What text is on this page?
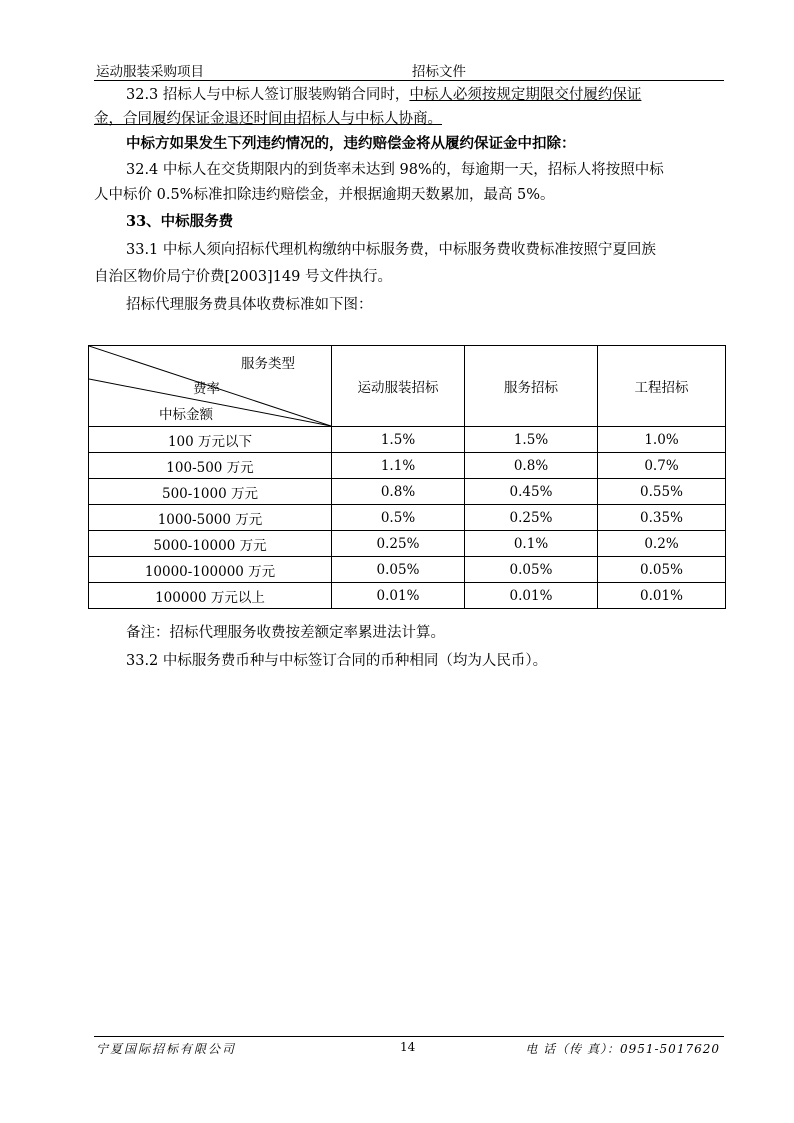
运动服装采购项目	招标文件
32.3 招标人与中标人签订服装购销合同时，中标人必须按规定期限交付履约保证
金，合同履约保证金退还时间由招标人与中标人协商。
中标方如果发生下列违约情况的，违约赔偿金将从履约保证金中扣除：
32.4 中标人在交货期限内的到货率未达到 98%的，每逾期一天，招标人将按照中标
人中标价 0.5%标准扣除违约赔偿金，并根据逾期天数累加，最高 5%。
33、中标服务费
33.1 中标人须向招标代理机构缴纳中标服务费，中标服务费收费标准按照宁夏回族
自治区物价局宁价费[2003]149 号文件执行。
招标代理服务费具体收费标准如下图：
备注：招标代理服务收费按差额定率累进法计算。
33.2 中标服务费币种与中标签订合同的币种相同（均为人民币）。
服务类型
费率
中标金额	运动服装招标	服务招标	工程招标
100 万元以下	1.5%	1.5%	1.0%
100-500 万元	1.1%	0.8%	0.7%
500-1000 万元	0.8%	0.45%	0.55%
1000-5000 万元	0.5%	0.25%	0.35%
5000-10000 万元	0.25%	0.1%	0.2%
10000-100000 万元	0.05%	0.05%	0.05%
100000 万元以上	0.01%	0.01%	0.01%
宁夏国际招标有限公司	14	电 话（传 真）：0951-5017620
